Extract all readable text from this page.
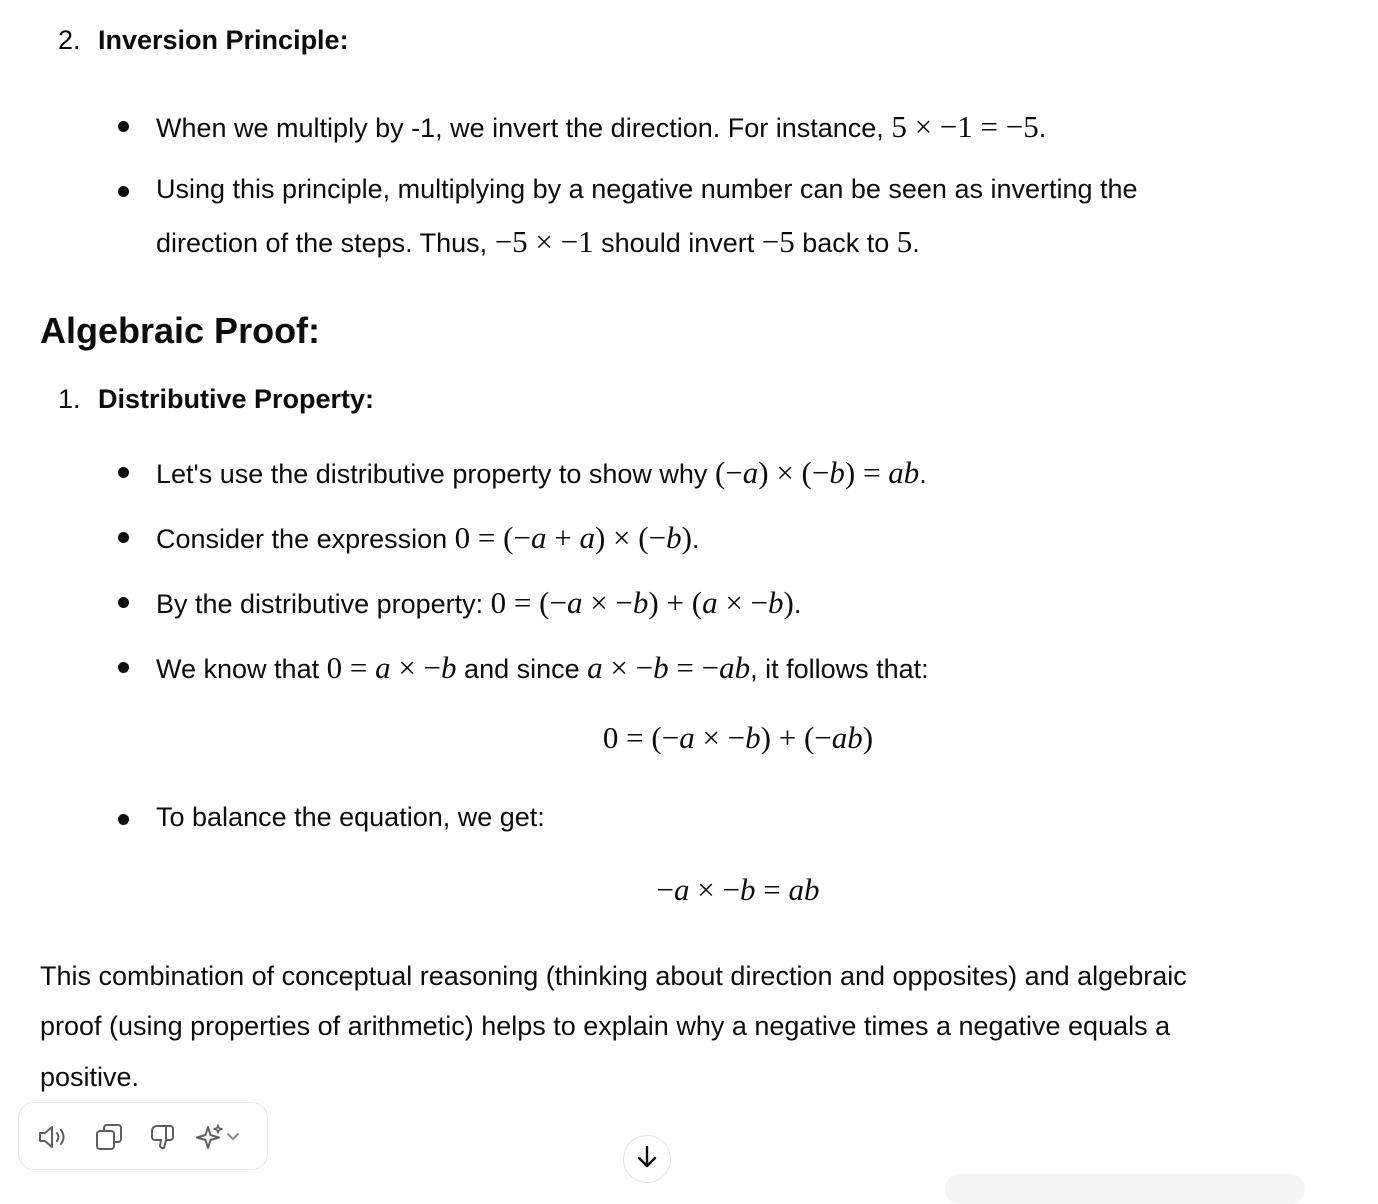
2. Inversion Principle:
When we multiply by -1, we invert the direction. For instance, 5 × −1 = −5.
Using this principle, multiplying by a negative number can be seen as inverting the
direction of the steps. Thus, −5 × −1 should invert −5 back to 5.
Algebraic Proof:
1. Distributive Property:
Let's use the distributive property to show why (−a) × (−b) = ab.
Consider the expression 0 = (−a + a) × (−b).
By the distributive property: 0 = (−a × −b) + (a × −b).
We know that 0 = a × −b and since a × −b = −ab, it follows that:
0 = (−a × −b) + (−ab)
To balance the equation, we get:
−a × −b = ab
This combination of conceptual reasoning (thinking about direction and opposites) and algebraic
proof (using properties of arithmetic) helps to explain why a negative times a negative equals a
positive.
